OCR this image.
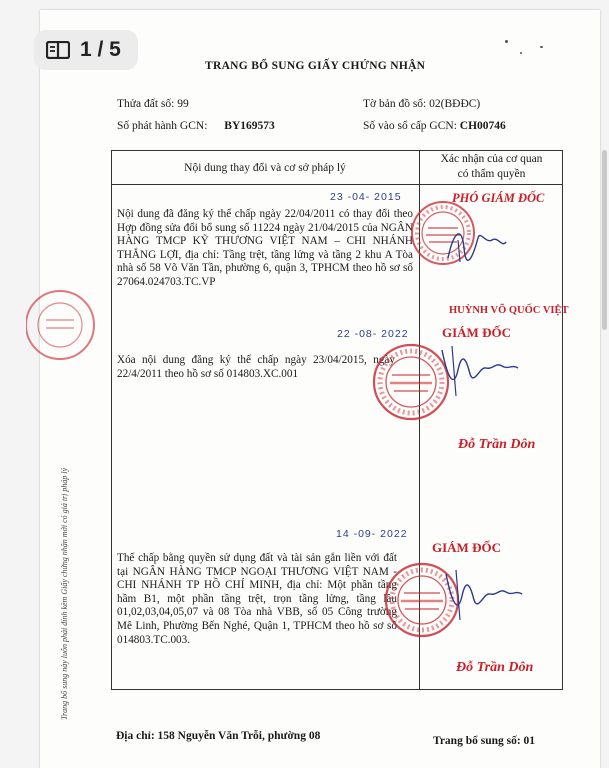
1 / 5
TRANG BỔ SUNG GIẤY CHỨNG NHẬN
Thửa đất số: 99	Tờ bản đồ số: 02(BĐĐC)
Số phát hành GCN: BY169573	Số vào sổ cấp GCN: CH00746
Nội dung thay đổi và cơ sở pháp lý
Xác nhận của cơ quan
có thẩm quyền
23 -04- 2015
Nội dung đã đăng ký thế chấp ngày 22/04/2011 có thay đổi theo Hợp đồng sửa đổi bổ sung số 11224 ngày 21/04/2015 của NGÂN HÀNG TMCP KỸ THƯƠNG VIỆT NAM – CHI NHÁNH THẮNG LỢI, địa chỉ: Tầng trệt, tầng lửng và tầng 2 khu A Tòa nhà số 58 Võ Văn Tần, phường 6, quận 3, TPHCM theo hồ sơ số 27064.024703.TC.VP
PHÓ GIÁM ĐỐC
HUỲNH VÕ QUỐC VIỆT
22 -08- 2022
Xóa nội dung đăng ký thế chấp ngày 23/04/2015, ngày 22/4/2011 theo hồ sơ số 014803.XC.001
GIÁM ĐỐC
Đỗ Trần Dôn
14 -09- 2022
Thế chấp bằng quyền sử dụng đất và tài sản gắn liền với đất tại NGÂN HÀNG TMCP NGOẠI THƯƠNG VIỆT NAM - CHI NHÁNH TP HỒ CHÍ MINH, địa chỉ: Một phần tầng hầm B1, một phần tầng trệt, trọn tầng lửng, tầng lầu 01,02,03,04,05,07 và 08 Tòa nhà VBB, số 05 Công trường Mê Linh, Phường Bến Nghé, Quận 1, TPHCM theo hồ sơ số 014803.TC.003.
GIÁM ĐỐC
Đỗ Trần Dôn
Trang bổ sung này luôn phải đính kèm Giấy chứng nhận mới có giá trị pháp lý
Địa chỉ: 158 Nguyễn Văn Trỗi, phường 08	Trang bổ sung số: 01
